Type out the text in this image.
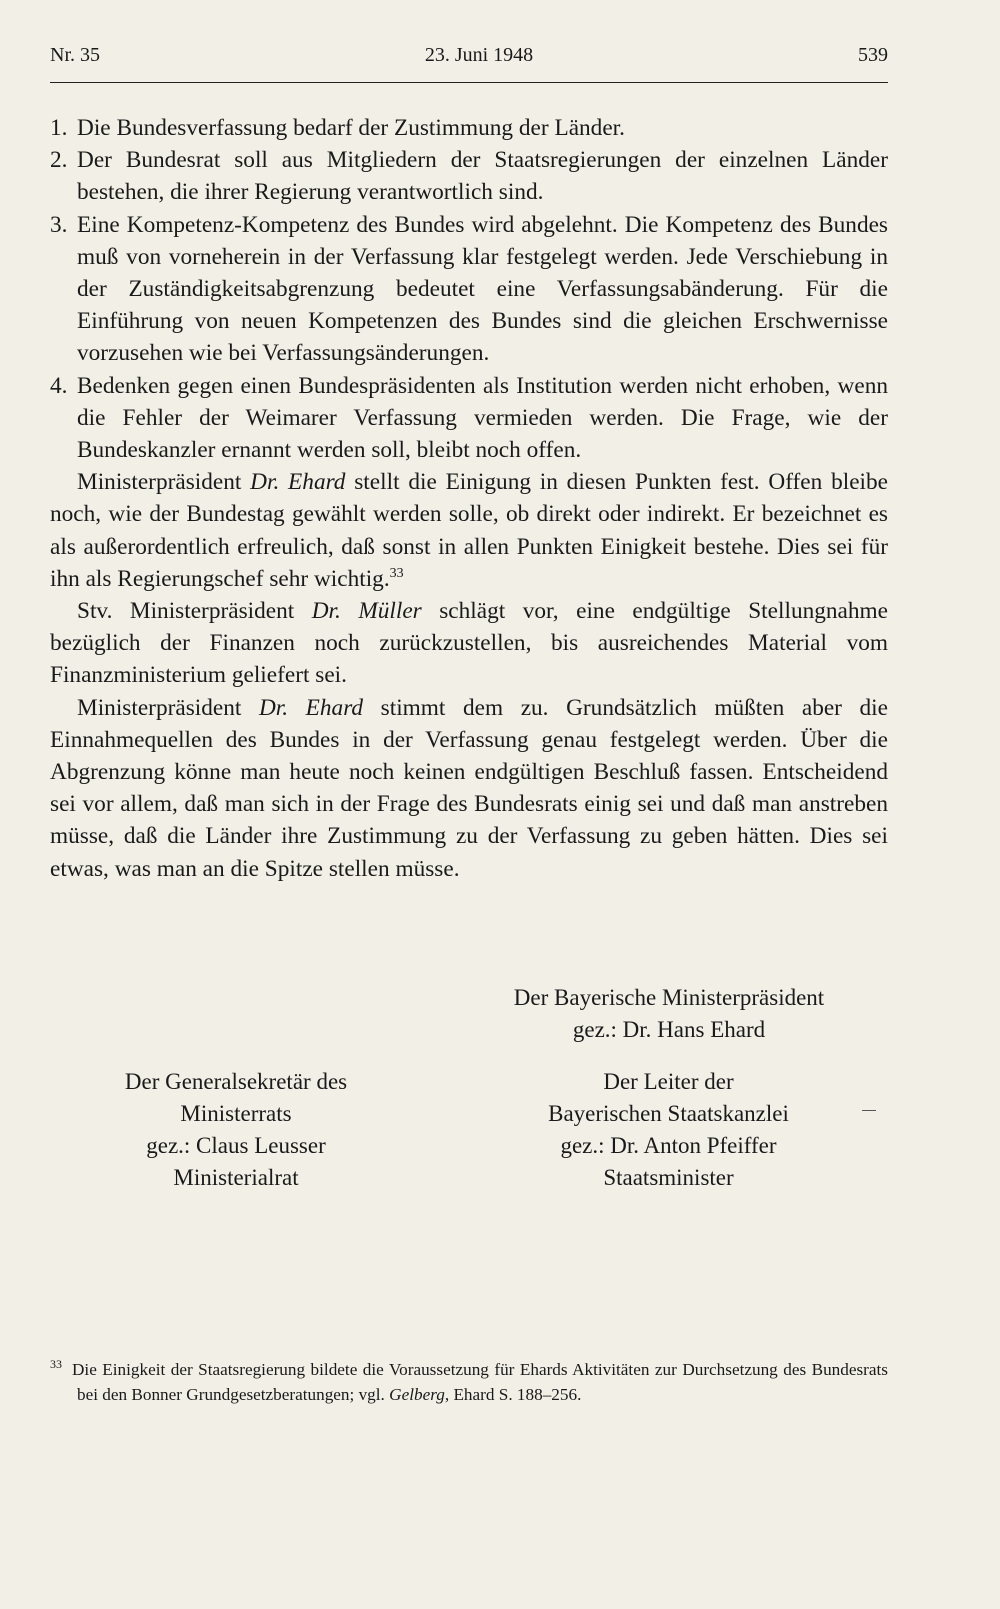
Nr. 35	23. Juni 1948	539
1. Die Bundesverfassung bedarf der Zustimmung der Länder.
2. Der Bundesrat soll aus Mitgliedern der Staatsregierungen der einzelnen Länder bestehen, die ihrer Regierung verantwortlich sind.
3. Eine Kompetenz-Kompetenz des Bundes wird abgelehnt. Die Kompetenz des Bundes muß von vorneherein in der Verfassung klar festgelegt werden. Jede Verschiebung in der Zuständigkeitsabgrenzung bedeutet eine Verfassungsabänderung. Für die Einführung von neuen Kompetenzen des Bundes sind die gleichen Erschwernisse vorzusehen wie bei Verfassungsänderungen.
4. Bedenken gegen einen Bundespräsidenten als Institution werden nicht erhoben, wenn die Fehler der Weimarer Verfassung vermieden werden. Die Frage, wie der Bundeskanzler ernannt werden soll, bleibt noch offen.

Ministerpräsident Dr. Ehard stellt die Einigung in diesen Punkten fest. Offen bleibe noch, wie der Bundestag gewählt werden solle, ob direkt oder indirekt. Er bezeichnet es als außerordentlich erfreulich, daß sonst in allen Punkten Einigkeit bestehe. Dies sei für ihn als Regierungschef sehr wichtig.$^{33}$

Stv. Ministerpräsident Dr. Müller schlägt vor, eine endgültige Stellungnahme bezüglich der Finanzen noch zurückzustellen, bis ausreichendes Material vom Finanzministerium geliefert sei.

Ministerpräsident Dr. Ehard stimmt dem zu. Grundsätzlich müßten aber die Einnahmequellen des Bundes in der Verfassung genau festgelegt werden. Über die Abgrenzung könne man heute noch keinen endgültigen Beschluß fassen. Entscheidend sei vor allem, daß man sich in der Frage des Bundesrats einig sei und daß man anstreben müsse, daß die Länder ihre Zustimmung zu der Verfassung zu geben hätten. Dies sei etwas, was man an die Spitze stellen müsse.

Der Bayerische Ministerpräsident
gez.: Dr. Hans Ehard
Der Generalsekretär des
Ministerrats
gez.: Claus Leusser
Ministerialrat
Der Leiter der
Bayerischen Staatskanzlei
gez.: Dr. Anton Pfeiffer
Staatsminister
$^{33}$ Die Einigkeit der Staatsregierung bildete die Voraussetzung für Ehards Aktivitäten zur Durchsetzung des Bundesrats bei den Bonner Grundgesetzberatungen; vgl. Gelberg, Ehard S. 188–256.
